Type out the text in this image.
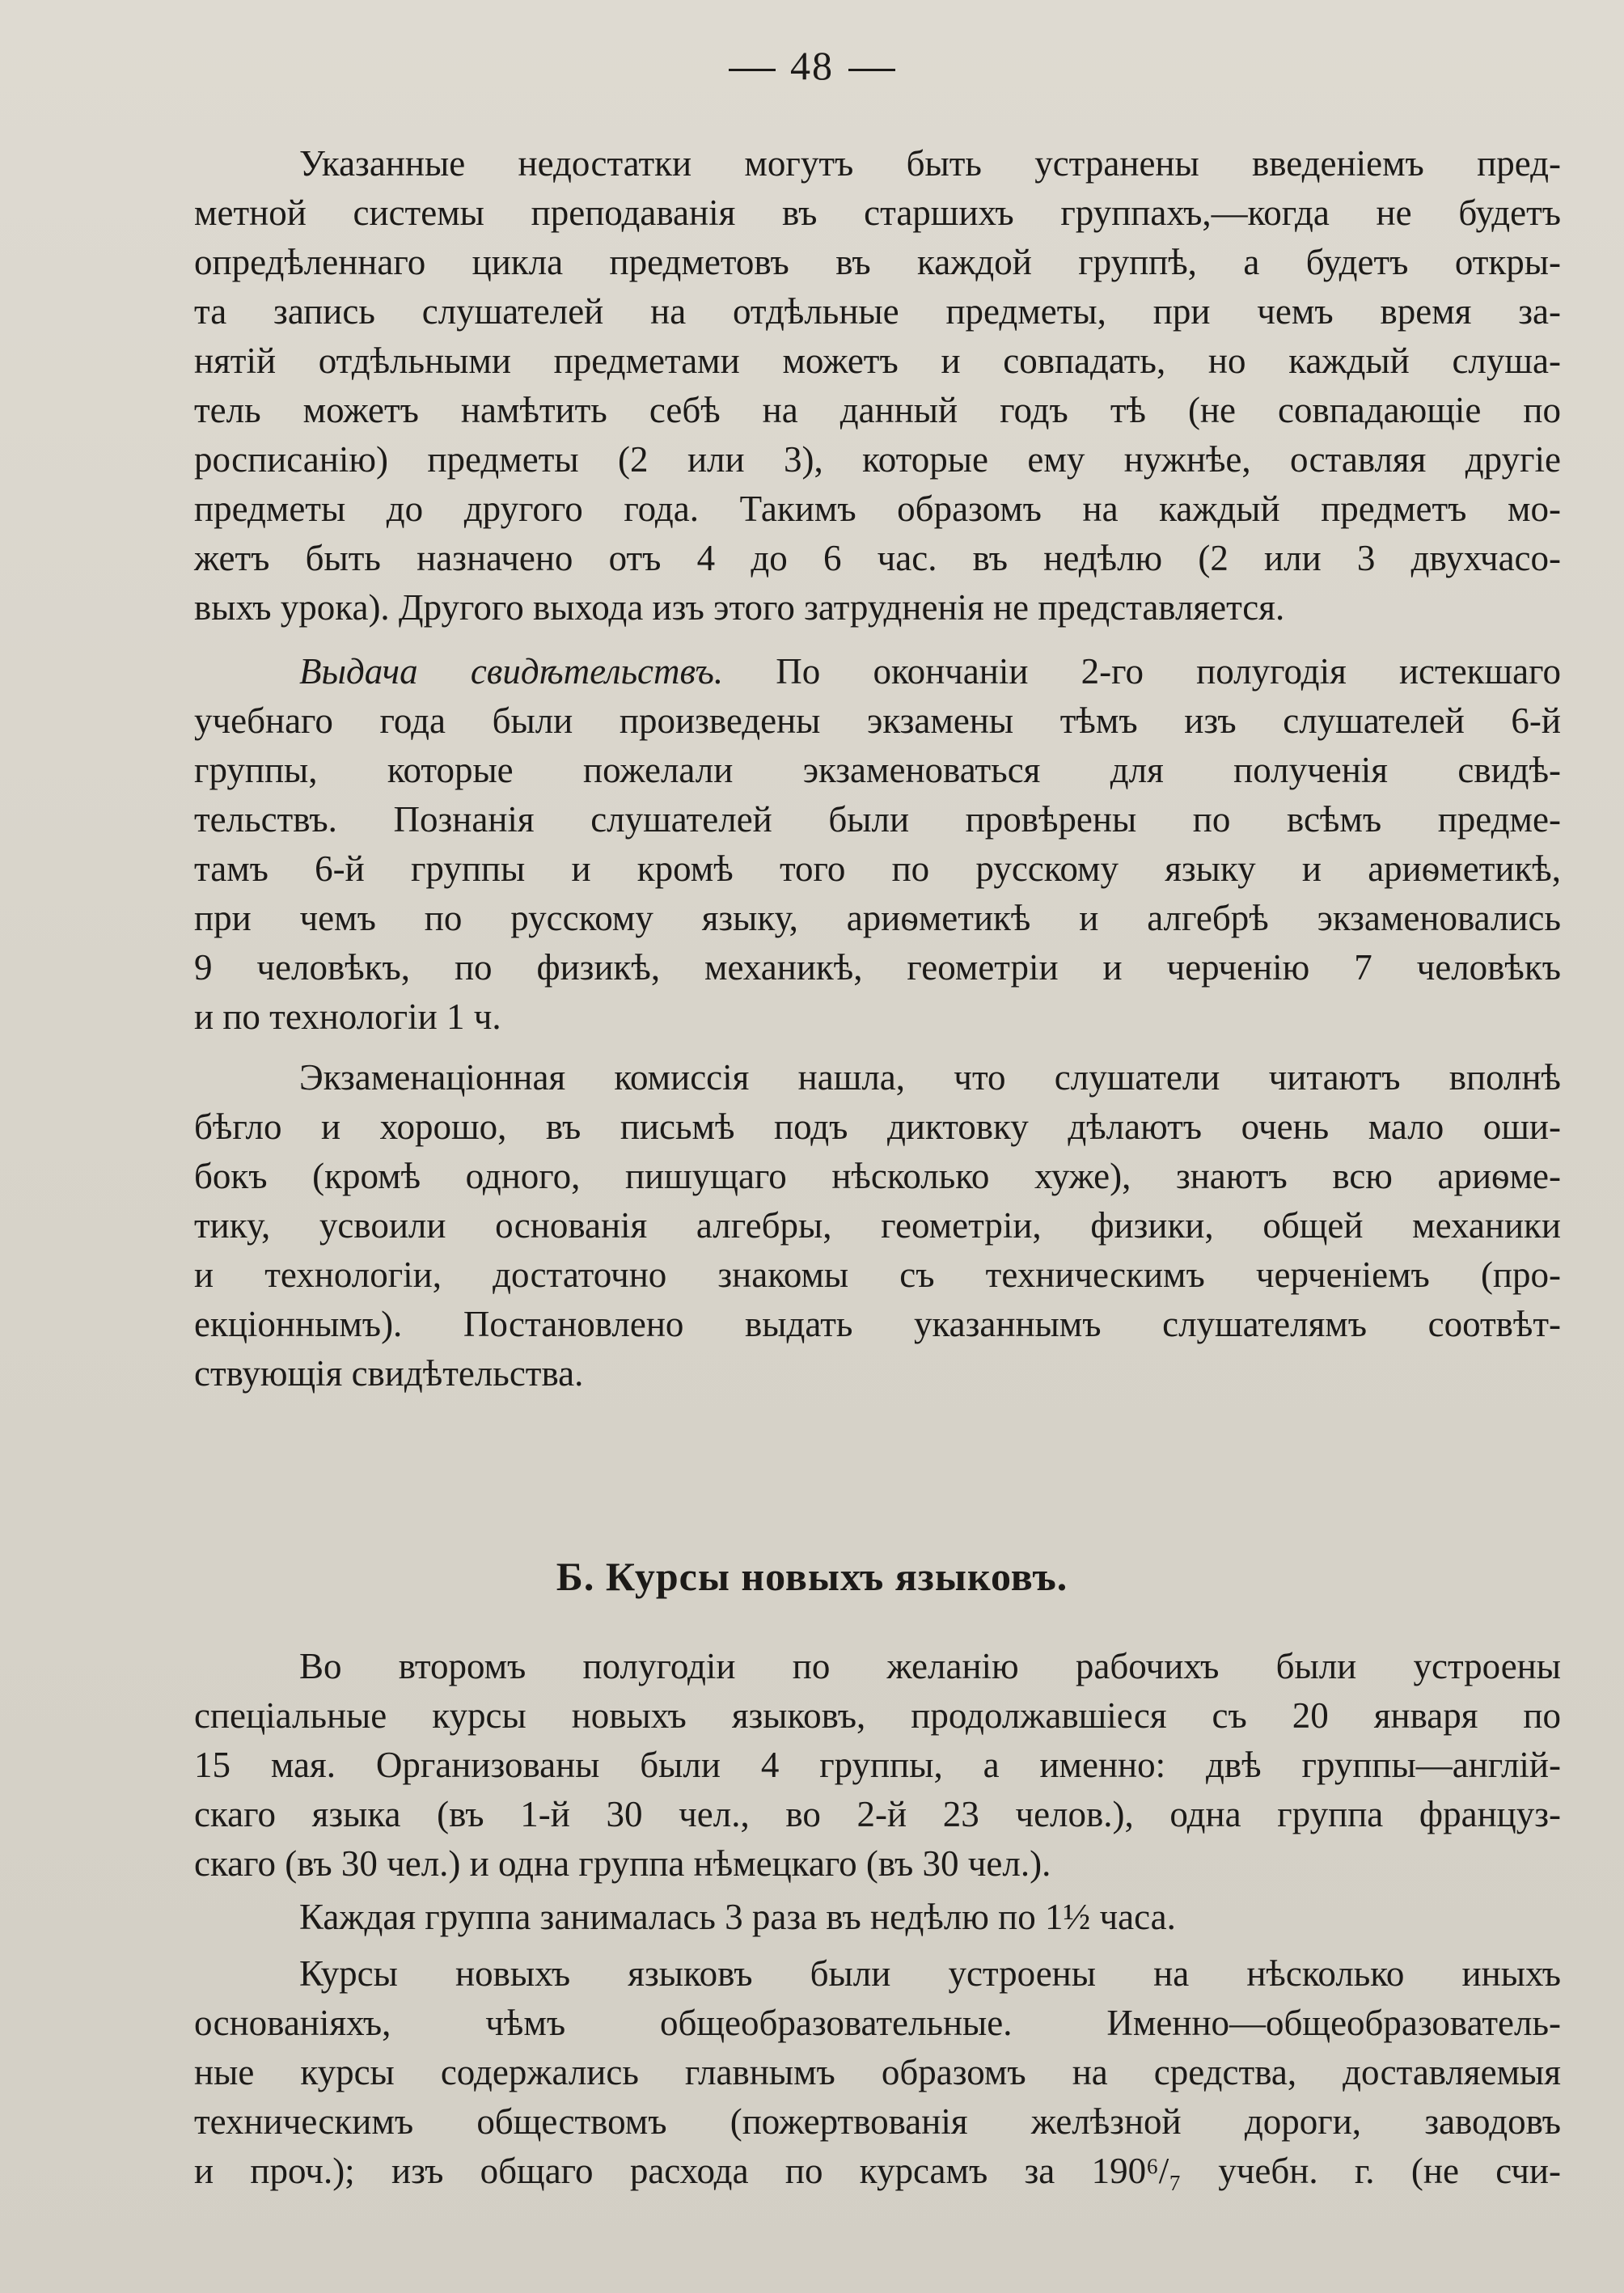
48
Указанные недостатки могутъ быть устранены введеніемъ пред-
метной системы преподаванія въ старшихъ группахъ,—когда не будетъ
опредѣленнаго цикла предметовъ въ каждой группѣ, а будетъ откры-
та запись слушателей на отдѣльные предметы, при чемъ время за-
нятій отдѣльными предметами можетъ и совпадать, но каждый слуша-
тель можетъ намѣтить себѣ на данный годъ тѣ (не совпадающіе по
росписанію) предметы (2 или 3), которые ему нужнѣе, оставляя другіе
предметы до другого года. Такимъ образомъ на каждый предметъ мо-
жетъ быть назначено отъ 4 до 6 час. въ недѣлю (2 или 3 двухчасо-
выхъ урока). Другого выхода изъ этого затрудненія не представляется.
Выдача свидѣтельствъ. По окончаніи 2-го полугодія истекшаго
учебнаго года были произведены экзамены тѣмъ изъ слушателей 6-й
группы, которые пожелали экзаменоваться для полученія свидѣ-
тельствъ. Познанія слушателей были провѣрены по всѣмъ предме-
тамъ 6-й группы и кромѣ того по русскому языку и ариѳметикѣ,
при чемъ по русскому языку, ариѳметикѣ и алгебрѣ экзаменовались
9 человѣкъ, по физикѣ, механикѣ, геометріи и черченію 7 человѣкъ
и по технологіи 1 ч.
Экзаменаціонная комиссія нашла, что слушатели читаютъ вполнѣ
бѣгло и хорошо, въ письмѣ подъ диктовку дѣлаютъ очень мало оши-
бокъ (кромѣ одного, пишущаго нѣсколько хуже), знаютъ всю ариѳме-
тику, усвоили основанія алгебры, геометріи, физики, общей механики
и технологіи, достаточно знакомы съ техническимъ черченіемъ (про-
екціоннымъ). Постановлено выдать указаннымъ слушателямъ соотвѣт-
ствующія свидѣтельства.
Б. Курсы новыхъ языковъ.
Во второмъ полугодіи по желанію рабочихъ были устроены
спеціальные курсы новыхъ языковъ, продолжавшіеся съ 20 января по
15 мая. Организованы были 4 группы, а именно: двѣ группы—англій-
скаго языка (въ 1-й 30 чел., во 2-й 23 челов.), одна группа француз-
скаго (въ 30 чел.) и одна группа нѣмецкаго (въ 30 чел.).
Каждая группа занималась 3 раза въ недѣлю по 1½ часа.
Курсы новыхъ языковъ были устроены на нѣсколько иныхъ
основаніяхъ, чѣмъ общеобразовательные. Именно—общеобразователь-
ные курсы содержались главнымъ образомъ на средства, доставляемыя
техническимъ обществомъ (пожертвованія желѣзной дороги, заводовъ
и проч.); изъ общаго расхода по курсамъ за 190⁶/₇ учебн. г. (не счи-
